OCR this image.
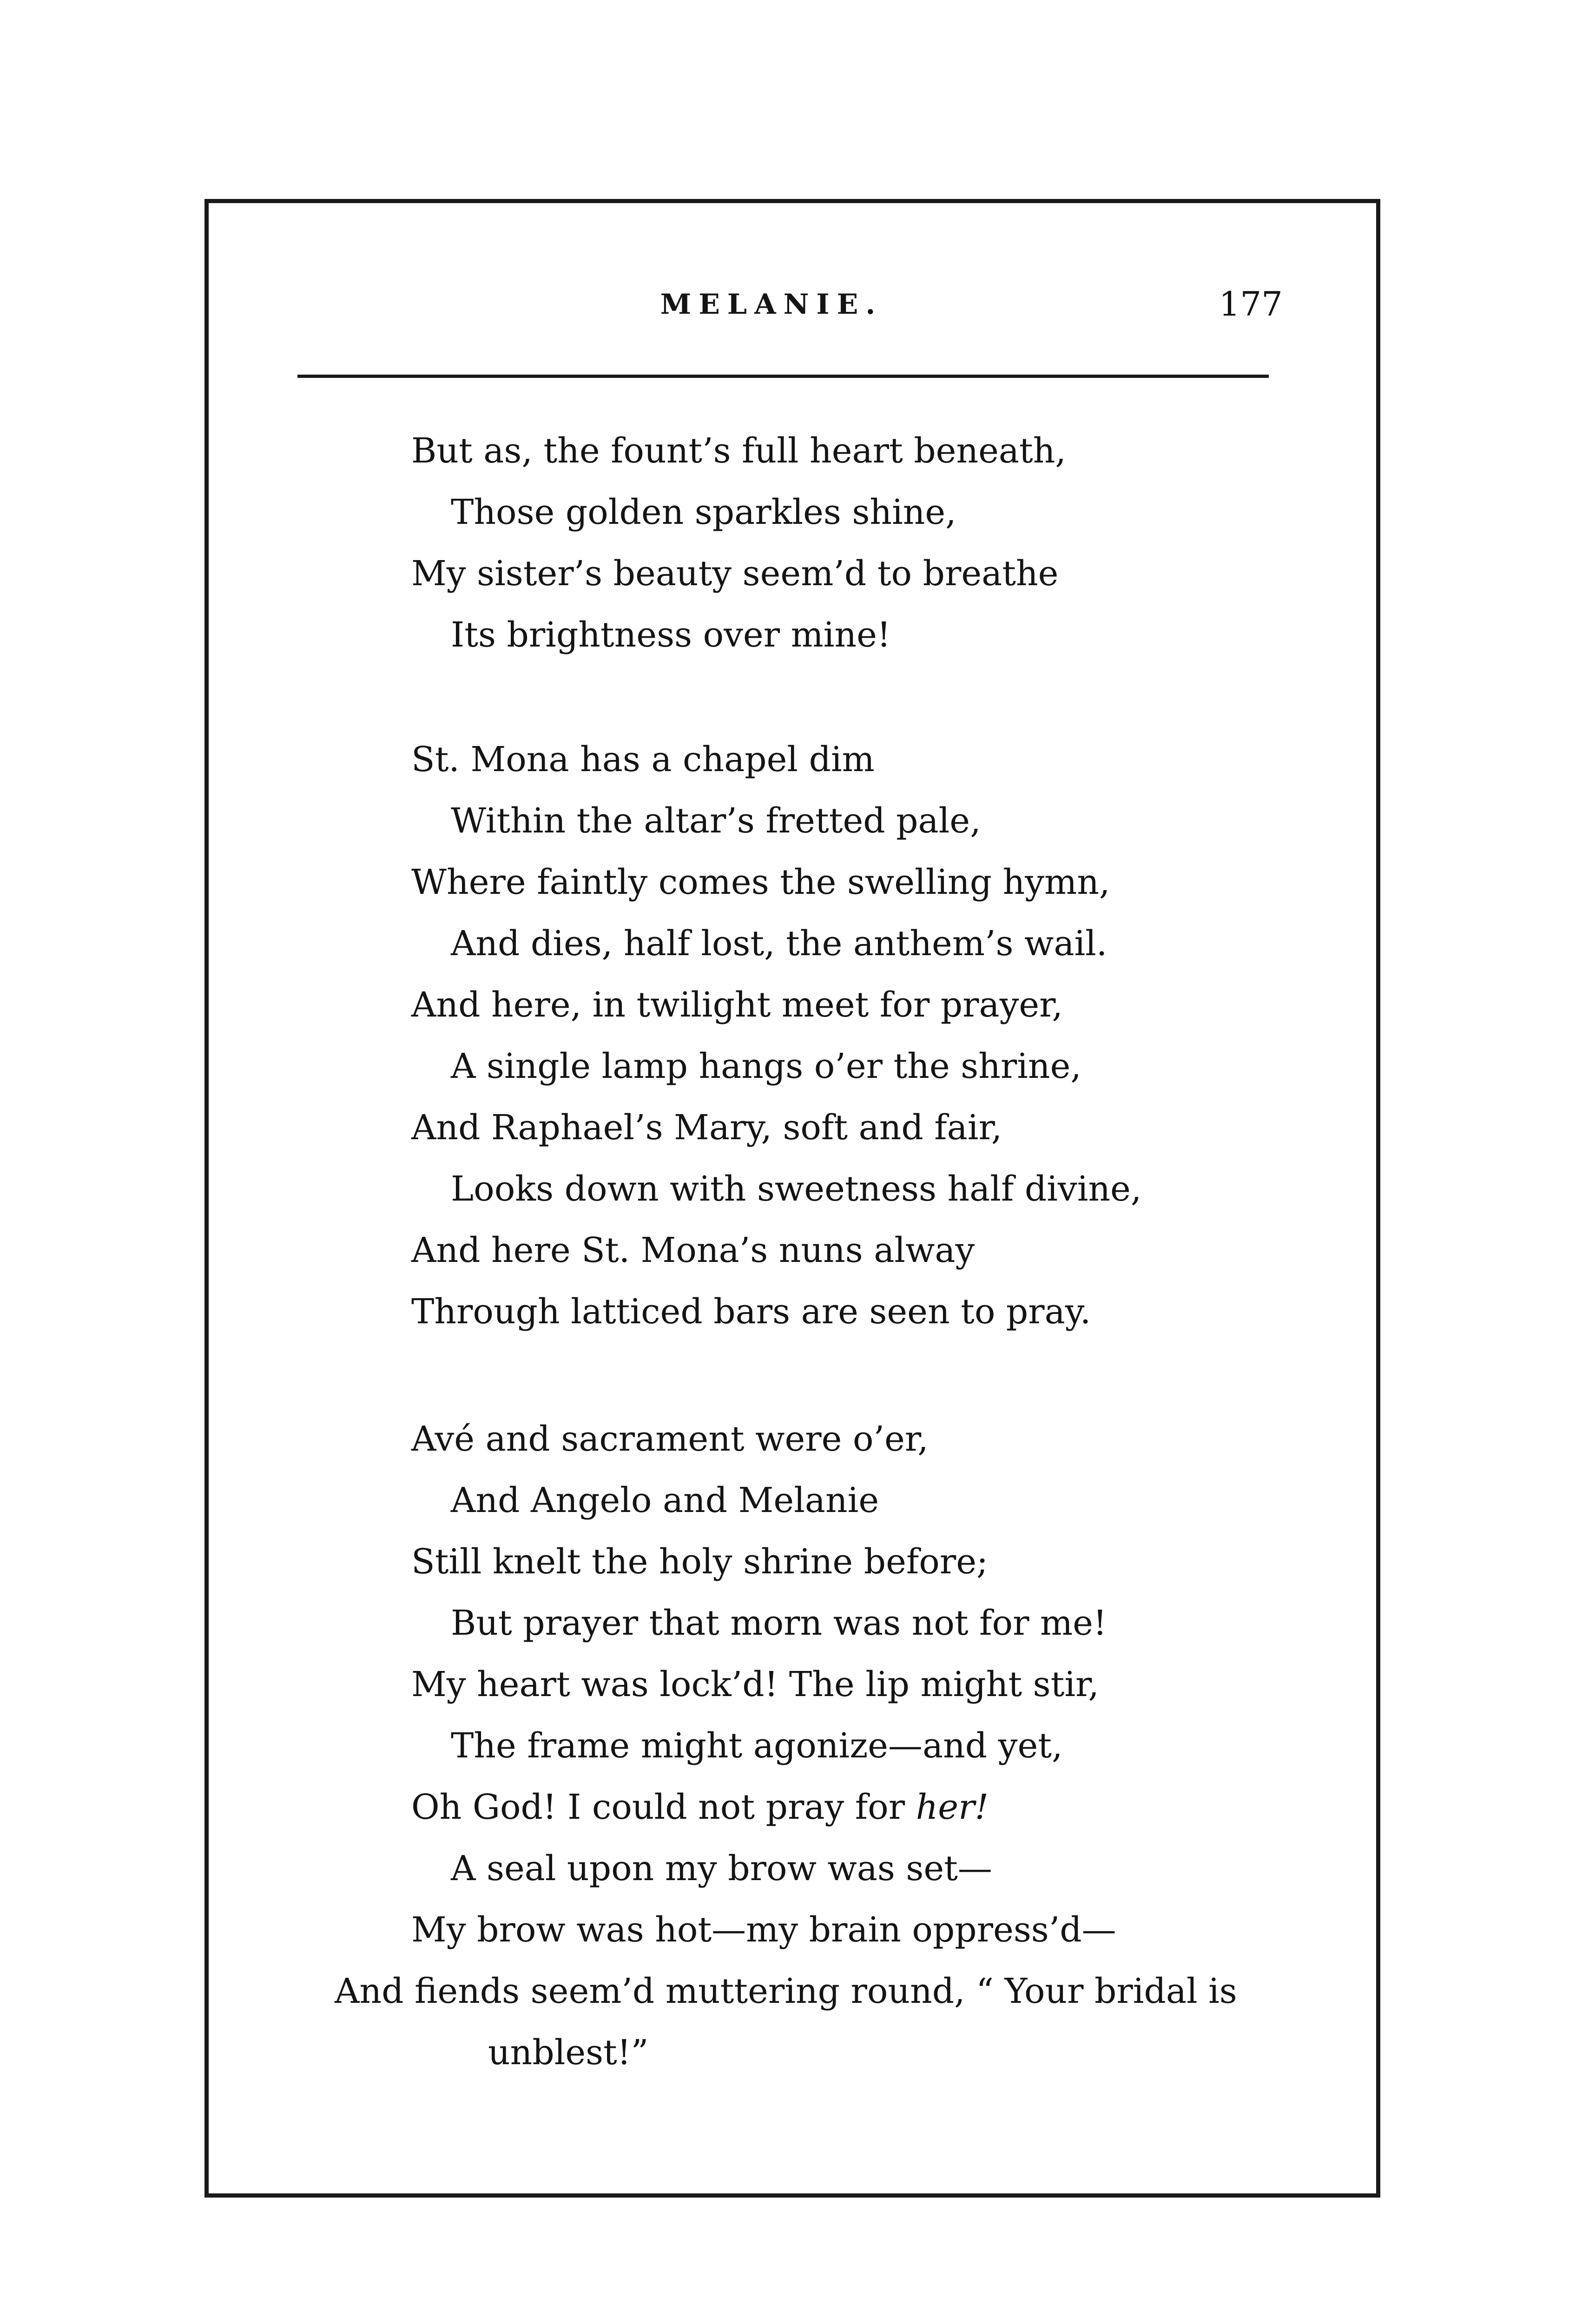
MELANIE.	177
But as, the fount’s full heart beneath,
Those golden sparkles shine,
My sister’s beauty seem’d to breathe
Its brightness over mine!
St. Mona has a chapel dim
Within the altar’s fretted pale,
Where faintly comes the swelling hymn,
And dies, half lost, the anthem’s wail.
And here, in twilight meet for prayer,
A single lamp hangs o’er the shrine,
And Raphael’s Mary, soft and fair,
Looks down with sweetness half divine,
And here St. Mona’s nuns alway
Through latticed bars are seen to pray.
Avé and sacrament were o’er,
And Angelo and Melanie
Still knelt the holy shrine before;
But prayer that morn was not for me!
My heart was lock’d! The lip might stir,
The frame might agonize—and yet,
Oh God! I could not pray for her!
A seal upon my brow was set—
My brow was hot—my brain oppress’d—
And fiends seem’d muttering round, “ Your bridal is
unblest!”
